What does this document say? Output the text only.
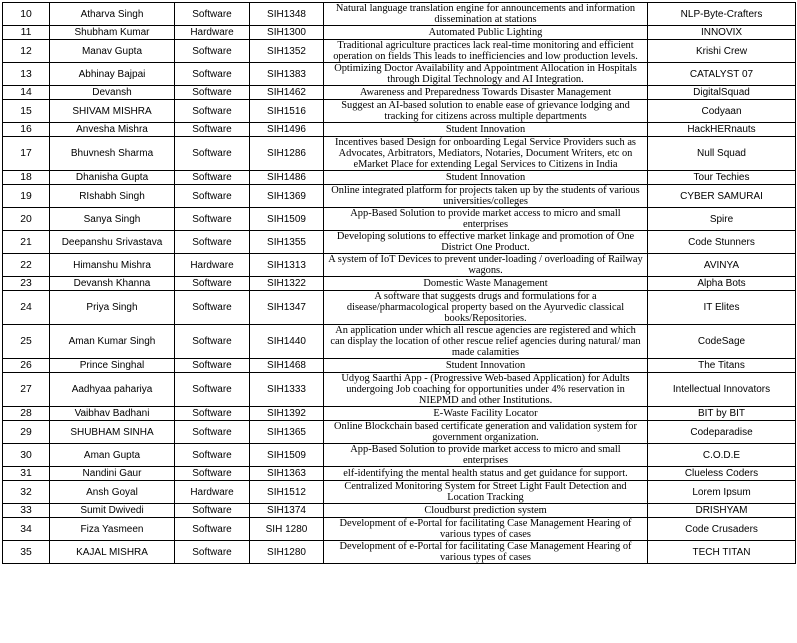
10	Atharva Singh	Software	SIH1348	Natural language translation engine for announcements and information dissemination at stations	NLP-Byte-Crafters
11	Shubham Kumar	Hardware	SIH1300	Automated Public Lighting	INNOVIX
12	Manav Gupta	Software	SIH1352	Traditional agriculture practices lack real-time monitoring and efficient operation on fields This leads to inefficiencies and low production levels.	Krishi Crew
13	Abhinay Bajpai	Software	SIH1383	Optimizing Doctor Availability and Appointment Allocation in Hospitals through Digital Technology and AI Integration.	CATALYST 07
14	Devansh	Software	SIH1462	Awareness and Preparedness Towards Disaster Management	DigitalSquad
15	SHIVAM MISHRA	Software	SIH1516	Suggest an AI-based solution to enable ease of grievance lodging and tracking for citizens across multiple departments	Codyaan
16	Anvesha Mishra	Software	SIH1496	Student Innovation	HackHERnauts
17	Bhuvnesh Sharma	Software	SIH1286	Incentives based Design for onboarding Legal Service Providers such as Advocates, Arbitrators, Mediators, Notaries, Document Writers, etc on eMarket Place for extending Legal Services to Citizens in India	Null Squad
18	Dhanisha Gupta	Software	SIH1486	Student Innovation	Tour Techies
19	RIshabh Singh	Software	SIH1369	Online integrated platform for projects taken up by the students of various universities/colleges	CYBER SAMURAI
20	Sanya Singh	Software	SIH1509	App-Based Solution to provide market access to micro and small enterprises	Spire
21	Deepanshu Srivastava	Software	SIH1355	Developing solutions to effective market linkage and promotion of One District One Product.	Code Stunners
22	Himanshu Mishra	Hardware	SIH1313	A system of IoT Devices to prevent under-loading / overloading of Railway wagons.	AVINYA
23	Devansh Khanna	Software	SIH1322	Domestic Waste Management	Alpha Bots
24	Priya Singh	Software	SIH1347	A software that suggests drugs and formulations for a disease/pharmacological property based on the Ayurvedic classical books/Repositories.	IT Elites
25	Aman Kumar Singh	Software	SIH1440	An application under which all rescue agencies are registered and which can display the location of other rescue relief agencies during natural/ man made calamities	CodeSage
26	Prince Singhal	Software	SIH1468	Student Innovation	The Titans
27	Aadhyaa pahariya	Software	SIH1333	Udyog Saarthi App - (Progressive Web-based Application) for Adults undergoing Job coaching for opportunities under 4% reservation in NIEPMD and other Institutions.	Intellectual Innovators
28	Vaibhav Badhani	Software	SIH1392	E-Waste Facility Locator	BIT by BIT
29	SHUBHAM SINHA	Software	SIH1365	Online Blockchain based certificate generation and validation system for government organization.	Codeparadise
30	Aman Gupta	Software	SIH1509	App-Based Solution to provide market access to micro and small enterprises	C.O.D.E
31	Nandini Gaur	Software	SIH1363	elf-identifying the mental health status and get guidance for support.	Clueless Coders
32	Ansh Goyal	Hardware	SIH1512	Centralized Monitoring System for Street Light Fault Detection and Location Tracking	Lorem Ipsum
33	Sumit Dwivedi	Software	SIH1374	Cloudburst prediction system	DRISHYAM
34	Fiza Yasmeen	Software	SIH 1280	Development of e-Portal for facilitating Case Management Hearing of various types of cases	Code Crusaders
35	KAJAL MISHRA	Software	SIH1280	Development of e-Portal for facilitating Case Management Hearing of various types of cases	TECH TITAN
